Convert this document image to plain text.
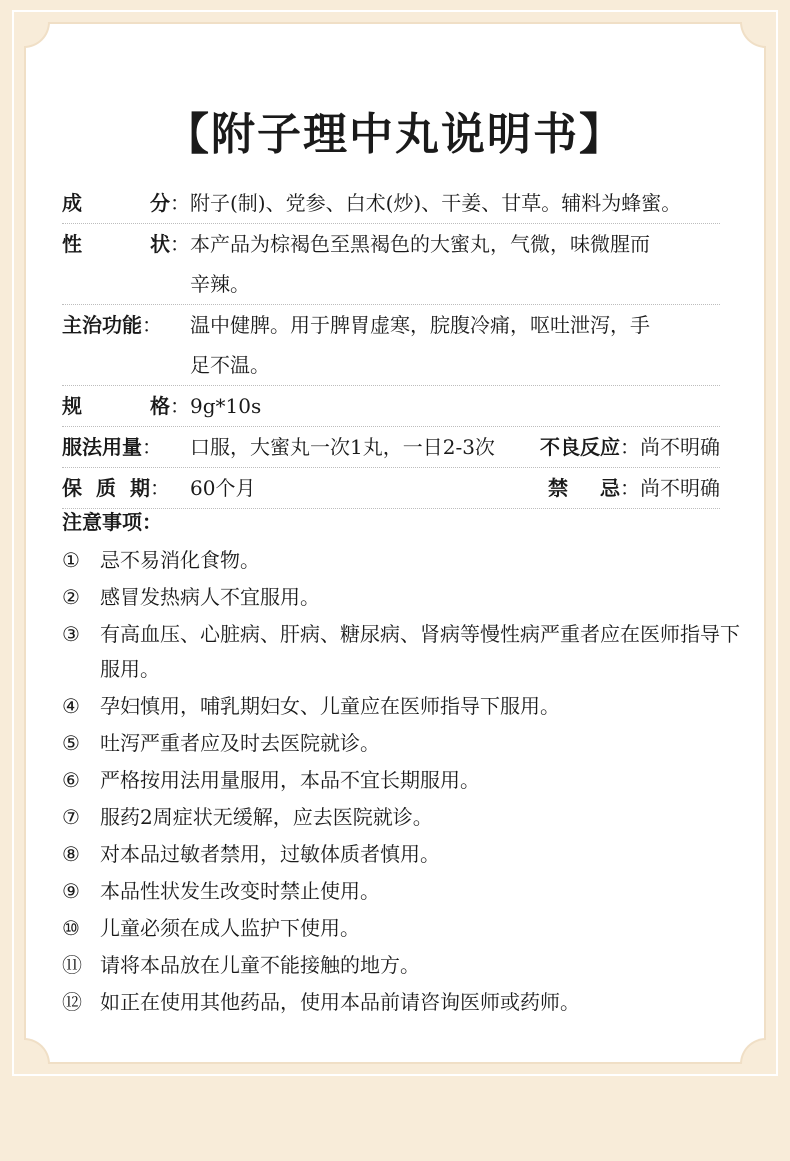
【附子理中丸说明书】
成	分： 附子(制)、党参、白术(炒)、干姜、甘草。辅料为蜂蜜。
性	状： 本产品为棕褐色至黑褐色的大蜜丸，气微，味微腥而
辛辣。
主治功能 ： 温中健脾。用于脾胃虚寒，脘腹冷痛，呕吐泄泻，手
足不温。
规	格： 9g*10s
服法用量 ： 口服，大蜜丸一次1丸，一日2-3次 不良反应 ： 尚不明确
保 质 期 ： 60个月	禁 忌 ： 尚不明确
注意事项：
①	忌不易消化食物。
②	感冒发热病人不宜服用。
③	有高血压、心脏病、肝病、糖尿病、肾病等慢性病严重者应在医师指导下服用。
④	孕妇慎用，哺乳期妇女、儿童应在医师指导下服用。
⑤	吐泻严重者应及时去医院就诊。
⑥	严格按用法用量服用，本品不宜长期服用。
⑦	服药2周症状无缓解，应去医院就诊。
⑧	对本品过敏者禁用，过敏体质者慎用。
⑨	本品性状发生改变时禁止使用。
⑩	儿童必须在成人监护下使用。
⑪ 请将本品放在儿童不能接触的地方。
⑫ 如正在使用其他药品，使用本品前请咨询医师或药师。
